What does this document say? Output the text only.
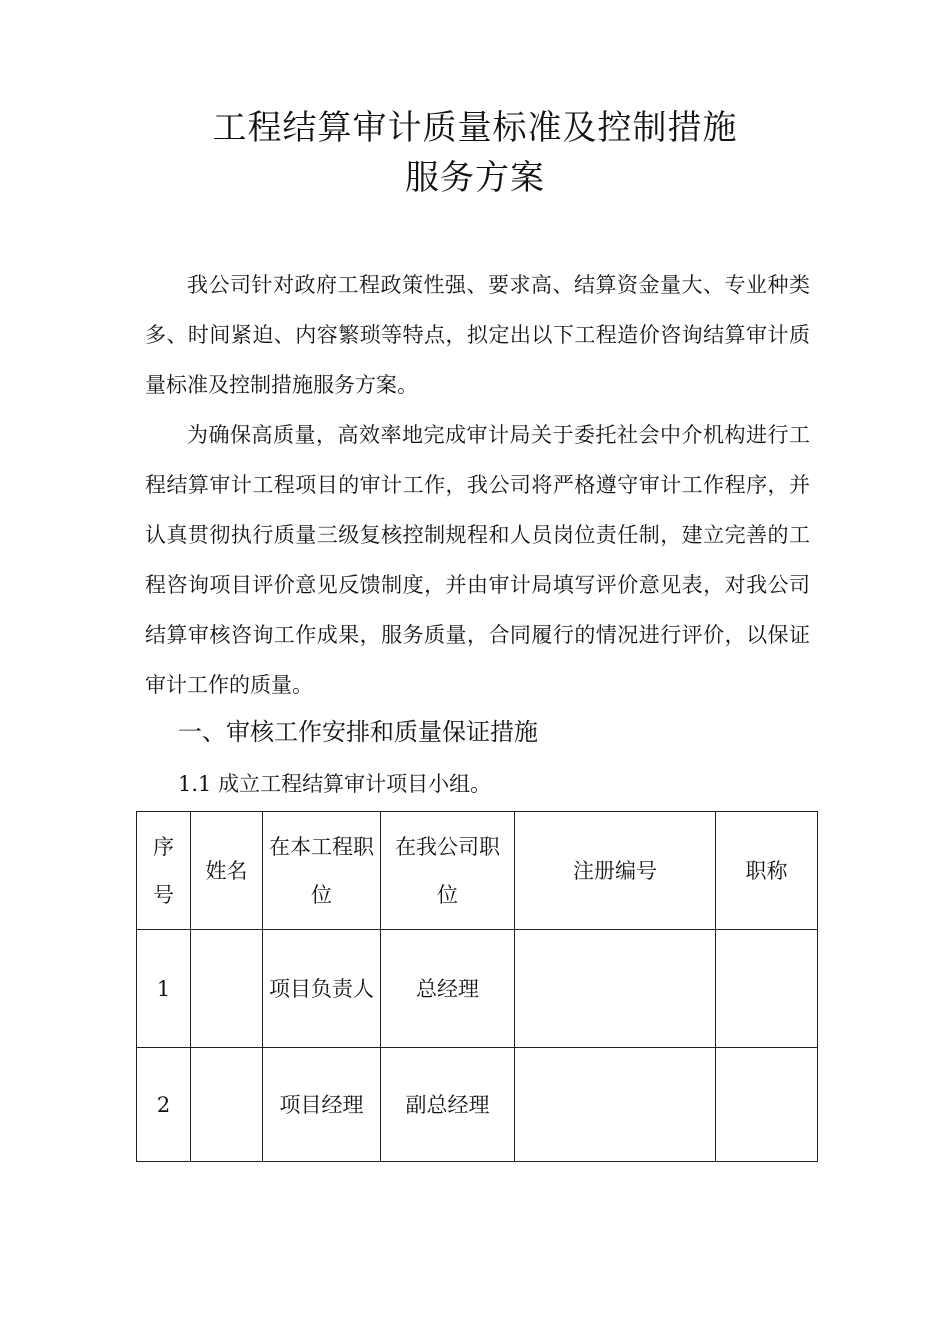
工程结算审计质量标准及控制措施
服务方案

我公司针对政府工程政策性强、要求高、结算资金量大、专业种类多、时间紧迫、内容繁琐等特点，拟定出以下工程造价咨询结算审计质量标准及控制措施服务方案。

为确保高质量，高效率地完成审计局关于委托社会中介机构进行工程结算审计工程项目的审计工作，我公司将严格遵守审计工作程序，并认真贯彻执行质量三级复核控制规程和人员岗位责任制，建立完善的工程咨询项目评价意见反馈制度，并由审计局填写评价意见表，对我公司结算审核咨询工作成果，服务质量，合同履行的情况进行评价，以保证审计工作的质量。

一、审核工作安排和质量保证措施

1.1 成立工程结算审计项目小组。

序号	姓名	在本工程职位	在我公司职位	注册编号	职称
1		项目负责人	总经理		
2		项目经理	副总经理		
